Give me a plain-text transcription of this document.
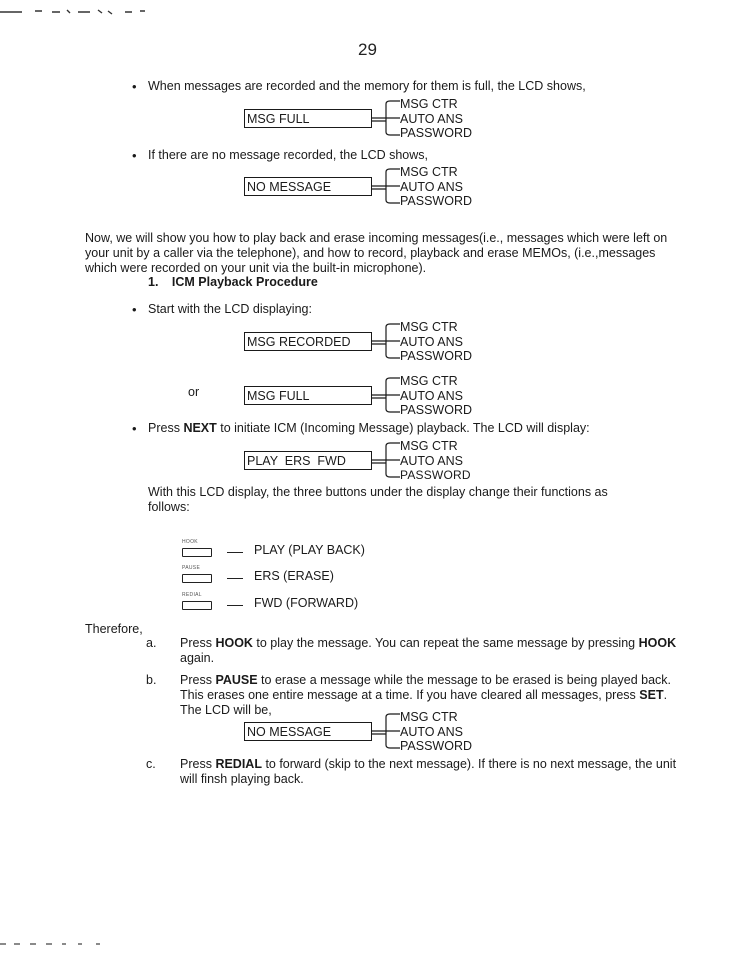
29
• When messages are recorded and the memory for them is full, the LCD shows,
MSG FULL
MSG CTR
AUTO ANS
PASSWORD
• If there are no message recorded, the LCD shows,
NO MESSAGE
MSG CTR
AUTO ANS
PASSWORD
Now, we will show you how to play back and erase incoming messages(i.e., messages which were left on your unit by a caller via the telephone), and how to record, playback and erase MEMOs, (i.e.,messages which were recorded on your unit via the built-in microphone).
1. ICM Playback Procedure
• Start with the LCD displaying:
MSG RECORDED
MSG CTR
AUTO ANS
PASSWORD
or	MSG FULL
MSG CTR
AUTO ANS
PASSWORD
• Press NEXT to initiate ICM (Incoming Message) playback. The LCD will display:
PLAY  ERS  FWD
MSG CTR
AUTO ANS
PASSWORD
With this LCD display, the three buttons under the display change their functions as follows:
HOOK
PLAY (PLAY BACK)
PAUSE
ERS (ERASE)
REDIAL
FWD (FORWARD)
Therefore,
a. Press HOOK to play the message. You can repeat the same message by pressing HOOK again.
b. Press PAUSE to erase a message while the message to be erased is being played back. This erases one entire message at a time. If you have cleared all messages, press SET. The LCD will be,
NO MESSAGE
MSG CTR
AUTO ANS
PASSWORD
c. Press REDIAL to forward (skip to the next message). If there is no next message, the unit will finsh playing back.
